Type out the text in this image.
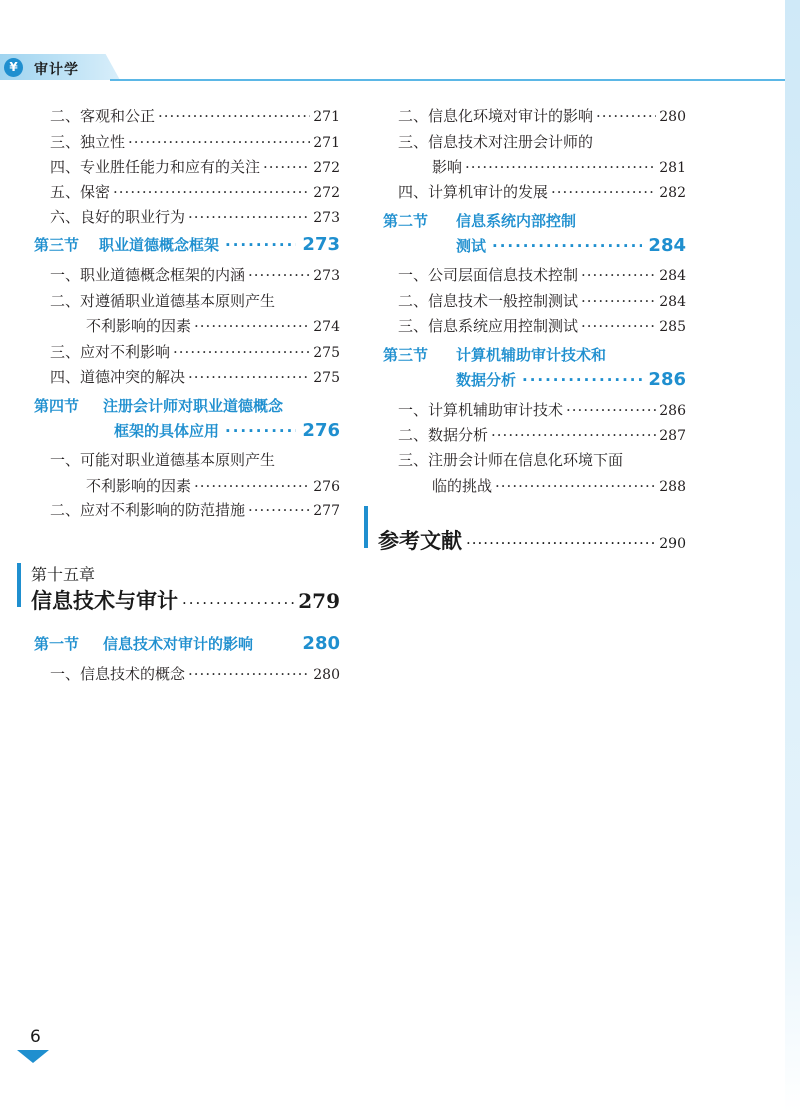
¥	审计学
二、客观和公正 ·····	271
三、独立性 ·····	271
四、专业胜任能力和应有的关注 ·····	272
五、保密 ·····	272
六、良好的职业行为 ·····	273
第三节 职业道德概念框架 ·····	273
一、职业道德概念框架的内涵 ·····	273
二、对遵循职业道德基本原则产生
不利影响的因素 ·····	274
三、应对不利影响 ·····	275
四、道德冲突的解决 ·····	275
第四节 注册会计师对职业道德概念
框架的具体应用 ·····	276
一、可能对职业道德基本原则产生
不利影响的因素 ·····	276
二、应对不利影响的防范措施 ·····	277
第十五章
信息技术与审计 ·····	279
第一节 信息技术对审计的影响	280
一、信息技术的概念 ·····	280
二、信息化环境对审计的影响 ·····	280
三、信息技术对注册会计师的
影响 ·····	281
四、计算机审计的发展 ·····	282
第二节 信息系统内部控制
测试 ·····	284
一、公司层面信息技术控制 ·····	284
二、信息技术一般控制测试 ·····	284
三、信息系统应用控制测试 ·····	285
第三节 计算机辅助审计技术和
数据分析 ·····	286
一、计算机辅助审计技术 ·····	286
二、数据分析 ·····	287
三、注册会计师在信息化环境下面
临的挑战 ·····	288
参考文献 ·····	290
6
